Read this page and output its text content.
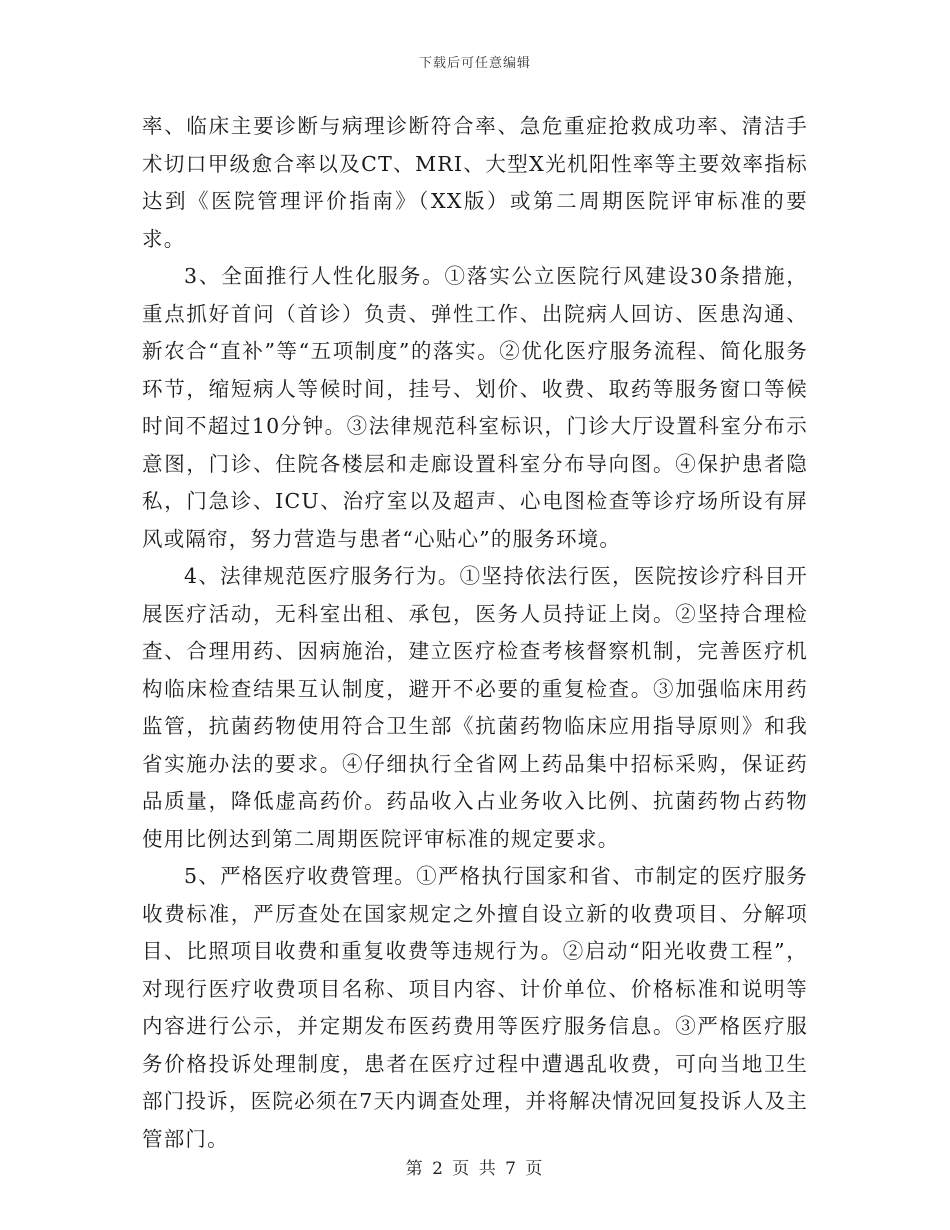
下载后可任意编辑

率、临床主要诊断与病理诊断符合率、急危重症抢救成功率、清洁手术切口甲级愈合率以及CT、MRI、大型X光机阳性率等主要效率指标达到《医院管理评价指南》（XX版）或第二周期医院评审标准的要求。

3、全面推行人性化服务。①落实公立医院行风建设30条措施，重点抓好首问（首诊）负责、弹性工作、出院病人回访、医患沟通、新农合“直补”等“五项制度”的落实。②优化医疗服务流程、简化服务环节，缩短病人等候时间，挂号、划价、收费、取药等服务窗口等候时间不超过10分钟。③法律规范科室标识，门诊大厅设置科室分布示意图，门诊、住院各楼层和走廊设置科室分布导向图。④保护患者隐私，门急诊、ICU、治疗室以及超声、心电图检查等诊疗场所设有屏风或隔帘，努力营造与患者“心贴心”的服务环境。

4、法律规范医疗服务行为。①坚持依法行医，医院按诊疗科目开展医疗活动，无科室出租、承包，医务人员持证上岗。②坚持合理检查、合理用药、因病施治，建立医疗检查考核督察机制，完善医疗机构临床检查结果互认制度，避开不必要的重复检查。③加强临床用药监管，抗菌药物使用符合卫生部《抗菌药物临床应用指导原则》和我省实施办法的要求。④仔细执行全省网上药品集中招标采购，保证药品质量，降低虚高药价。药品收入占业务收入比例、抗菌药物占药物使用比例达到第二周期医院评审标准的规定要求。

5、严格医疗收费管理。①严格执行国家和省、市制定的医疗服务收费标准，严厉查处在国家规定之外擅自设立新的收费项目、分解项目、比照项目收费和重复收费等违规行为。②启动“阳光收费工程”，对现行医疗收费项目名称、项目内容、计价单位、价格标准和说明等内容进行公示，并定期发布医药费用等医疗服务信息。③严格医疗服务价格投诉处理制度，患者在医疗过程中遭遇乱收费，可向当地卫生部门投诉，医院必须在7天内调查处理，并将解决情况回复投诉人及主管部门。

第 2 页 共 7 页
